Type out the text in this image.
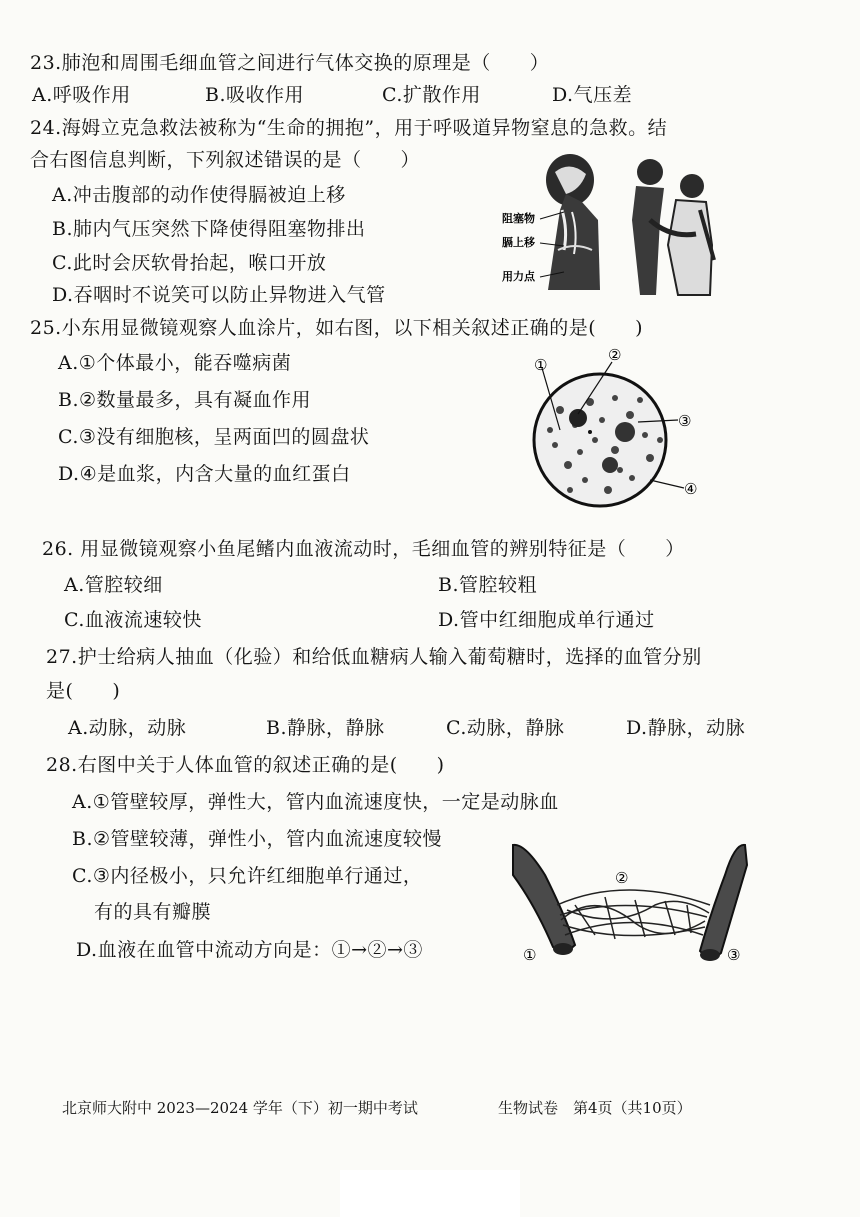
23.肺泡和周围毛细血管之间进行气体交换的原理是（　　）
A.呼吸作用	B.吸收作用	C.扩散作用	D.气压差
24.海姆立克急救法被称为“生命的拥抱”，用于呼吸道异物窒息的急救。结
合右图信息判断，下列叙述错误的是（　　）
A.冲击腹部的动作使得膈被迫上移
B.肺内气压突然下降使得阻塞物排出
C.此时会厌软骨抬起，喉口开放
D.吞咽时不说笑可以防止异物进入气管
阻塞物
膈上移
用力点
25.小东用显微镜观察人血涂片，如右图，以下相关叙述正确的是(　　)
A.①个体最小，能吞噬病菌
B.②数量最多，具有凝血作用
C.③没有细胞核，呈两面凹的圆盘状
D.④是血浆，内含大量的血红蛋白
①
②
③
④
26. 用显微镜观察小鱼尾鳍内血液流动时，毛细血管的辨别特征是（　　）
A.管腔较细	B.管腔较粗
C.血液流速较快	D.管中红细胞成单行通过
27.护士给病人抽血（化验）和给低血糖病人输入葡萄糖时，选择的血管分别
是(　　)
A.动脉，动脉	B.静脉，静脉	C.动脉，静脉	D.静脉，动脉
28.右图中关于人体血管的叙述正确的是(　　)
A.①管壁较厚，弹性大，管内血流速度快，一定是动脉血
B.②管壁较薄，弹性小，管内血流速度较慢
C.③内径极小，只允许红细胞单行通过，
有的具有瓣膜
D.血液在血管中流动方向是：①→②→③
②
①	③
北京师大附中 2023—2024 学年（下）初一期中考试	生物试卷　第4页（共10页）
